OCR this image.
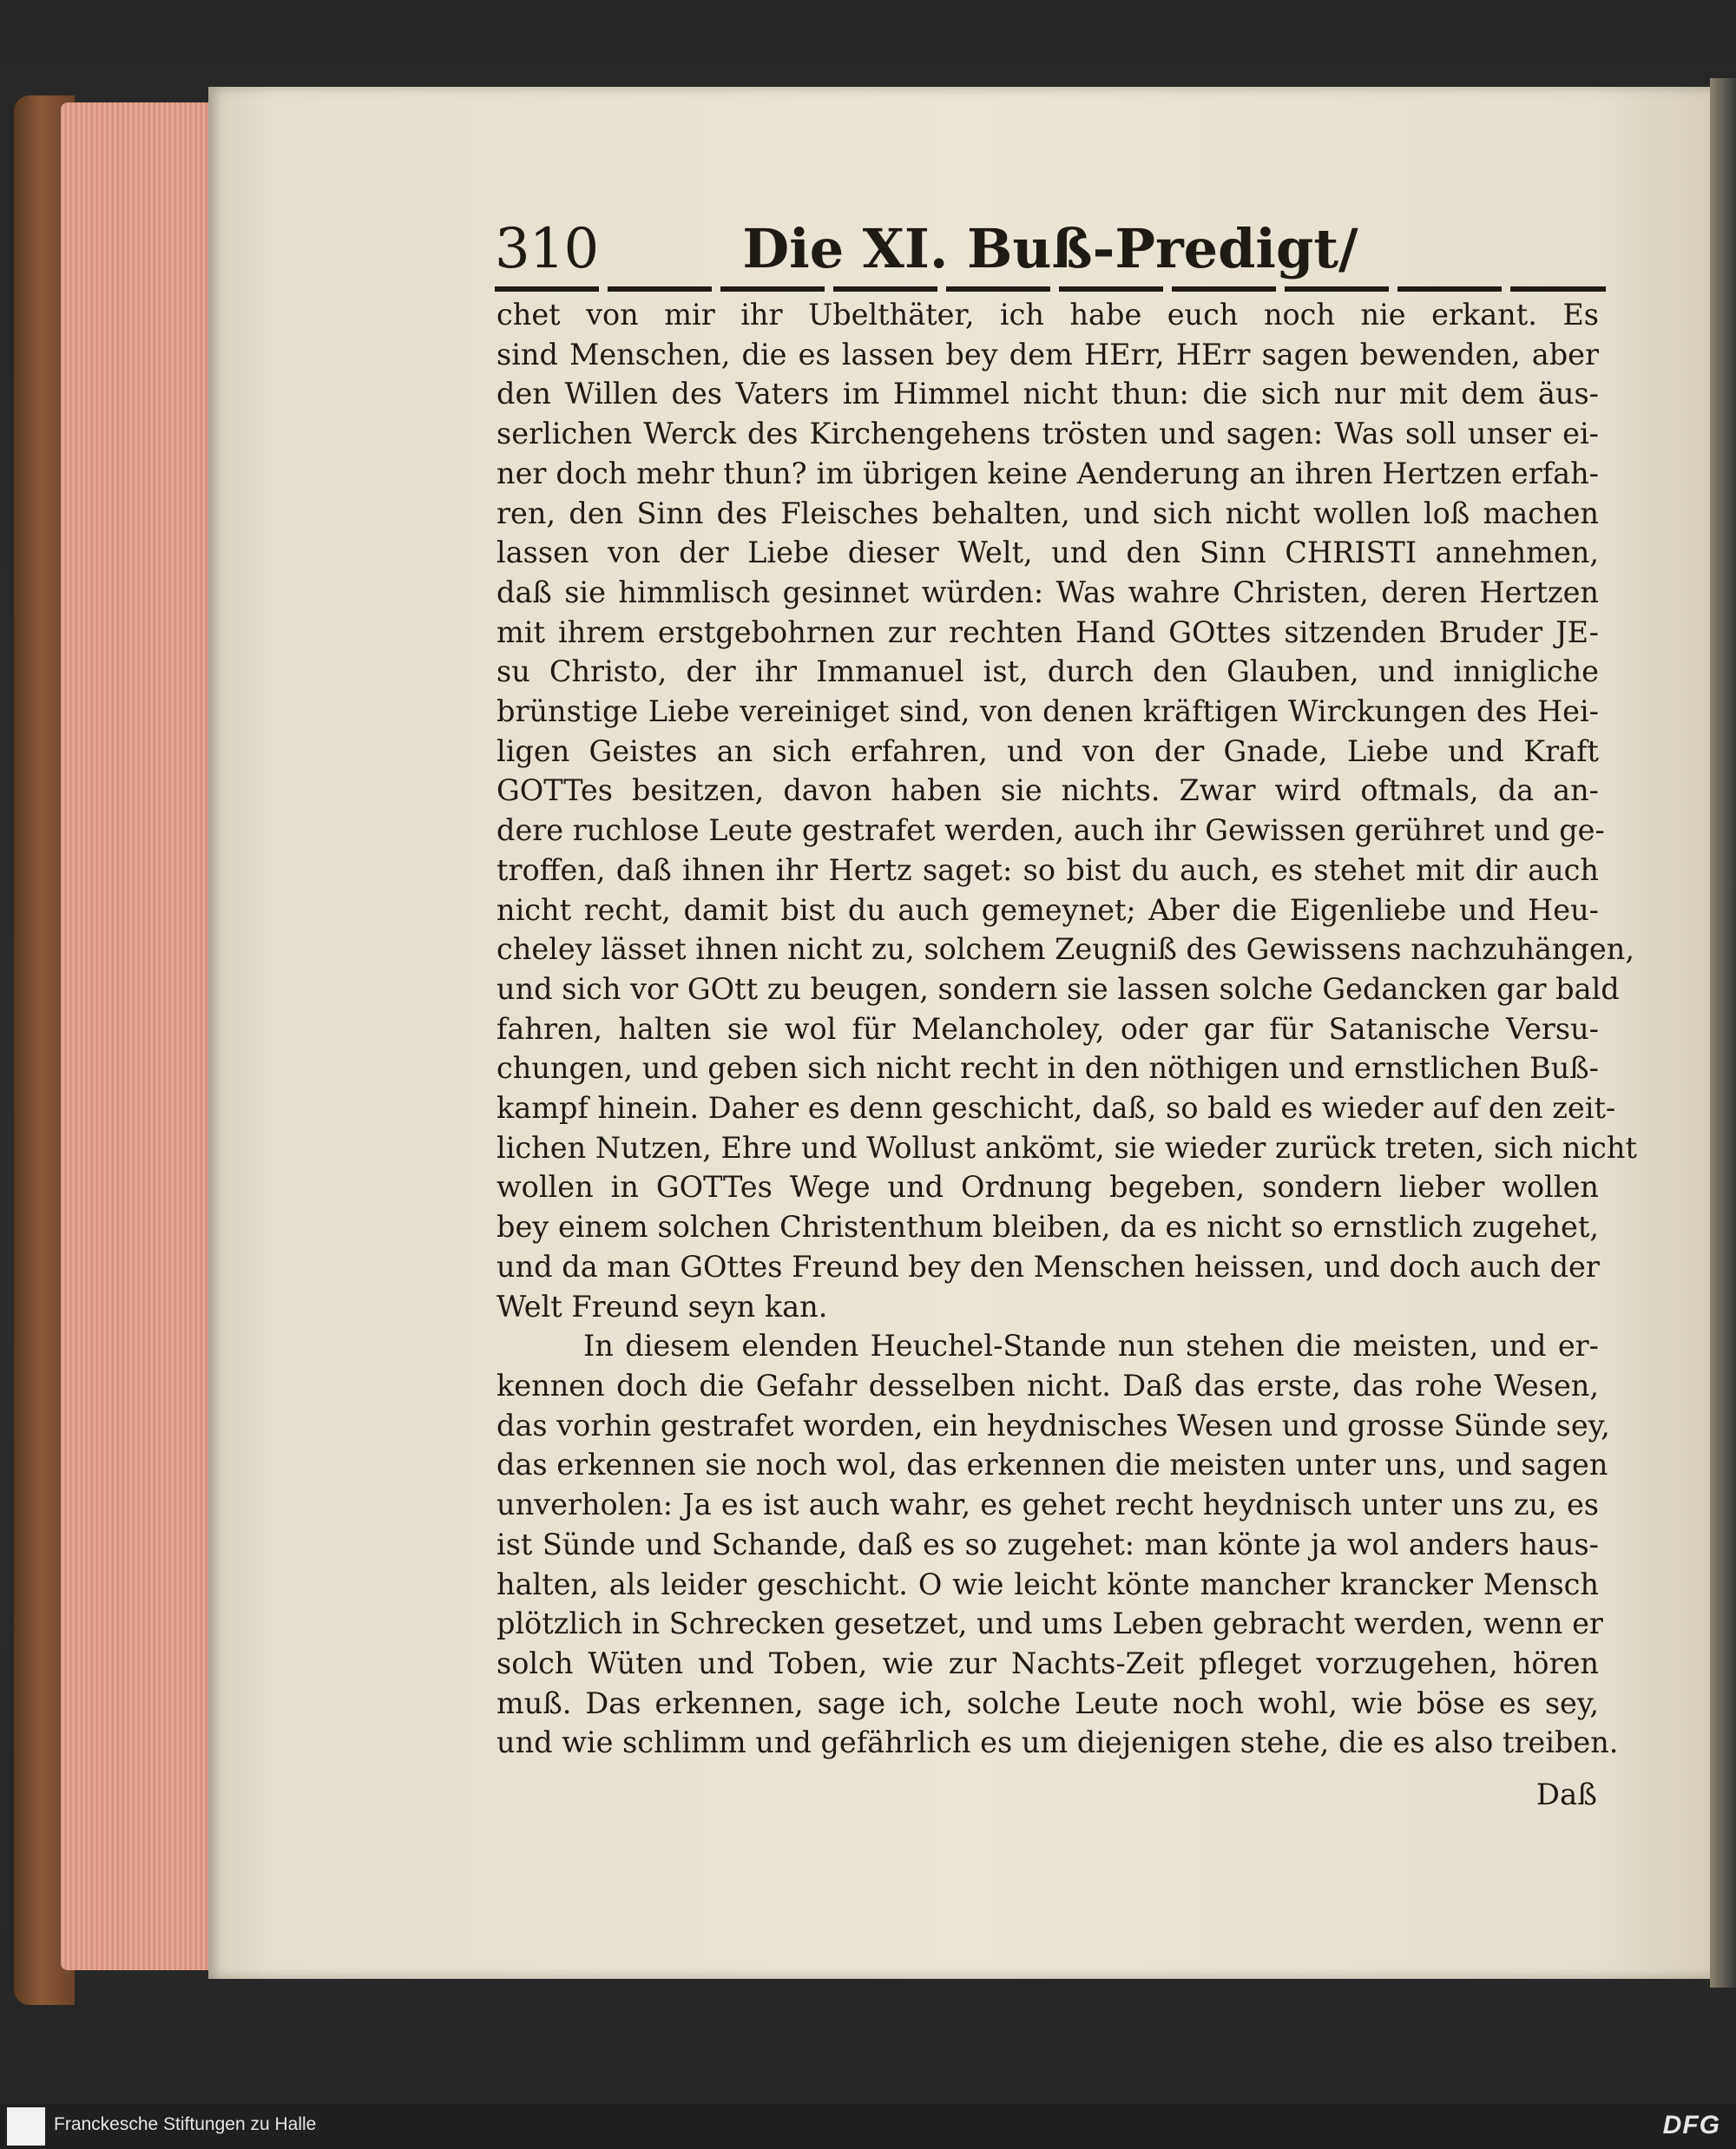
310	Die XI. Buß-Predigt/
chet von mir ihr Ubelthäter, ich habe euch noch nie erkant. Es
sind Menschen, die es lassen bey dem HErr, HErr sagen bewenden, aber
den Willen des Vaters im Himmel nicht thun: die sich nur mit dem äus-
serlichen Werck des Kirchengehens trösten und sagen: Was soll unser ei-
ner doch mehr thun? im übrigen keine Aenderung an ihren Hertzen erfah-
ren, den Sinn des Fleisches behalten, und sich nicht wollen loß machen
lassen von der Liebe dieser Welt, und den Sinn CHRISTI annehmen,
daß sie himmlisch gesinnet würden: Was wahre Christen, deren Hertzen
mit ihrem erstgebohrnen zur rechten Hand GOttes sitzenden Bruder JE-
su Christo, der ihr Immanuel ist, durch den Glauben, und innigliche
brünstige Liebe vereiniget sind, von denen kräftigen Wirckungen des Hei-
ligen Geistes an sich erfahren, und von der Gnade, Liebe und Kraft
GOTTes besitzen, davon haben sie nichts. Zwar wird oftmals, da an-
dere ruchlose Leute gestrafet werden, auch ihr Gewissen gerühret und ge-
troffen, daß ihnen ihr Hertz saget: so bist du auch, es stehet mit dir auch
nicht recht, damit bist du auch gemeynet; Aber die Eigenliebe und Heu-
cheley lässet ihnen nicht zu, solchem Zeugniß des Gewissens nachzuhängen,
und sich vor GOtt zu beugen, sondern sie lassen solche Gedancken gar bald
fahren, halten sie wol für Melancholey, oder gar für Satanische Versu-
chungen, und geben sich nicht recht in den nöthigen und ernstlichen Buß-
kampf hinein. Daher es denn geschicht, daß, so bald es wieder auf den zeit-
lichen Nutzen, Ehre und Wollust ankömt, sie wieder zurück treten, sich nicht
wollen in GOTTes Wege und Ordnung begeben, sondern lieber wollen
bey einem solchen Christenthum bleiben, da es nicht so ernstlich zugehet,
und da man GOttes Freund bey den Menschen heissen, und doch auch der
Welt Freund seyn kan.
In diesem elenden Heuchel-Stande nun stehen die meisten, und er-
kennen doch die Gefahr desselben nicht. Daß das erste, das rohe Wesen,
das vorhin gestrafet worden, ein heydnisches Wesen und grosse Sünde sey,
das erkennen sie noch wol, das erkennen die meisten unter uns, und sagen
unverholen: Ja es ist auch wahr, es gehet recht heydnisch unter uns zu, es
ist Sünde und Schande, daß es so zugehet: man könte ja wol anders haus-
halten, als leider geschicht. O wie leicht könte mancher krancker Mensch
plötzlich in Schrecken gesetzet, und ums Leben gebracht werden, wenn er
solch Wüten und Toben, wie zur Nachts-Zeit pfleget vorzugehen, hören
muß. Das erkennen, sage ich, solche Leute noch wohl, wie böse es sey,
und wie schlimm und gefährlich es um diejenigen stehe, die es also treiben.
Daß
Franckesche Stiftungen zu Halle	DFG
